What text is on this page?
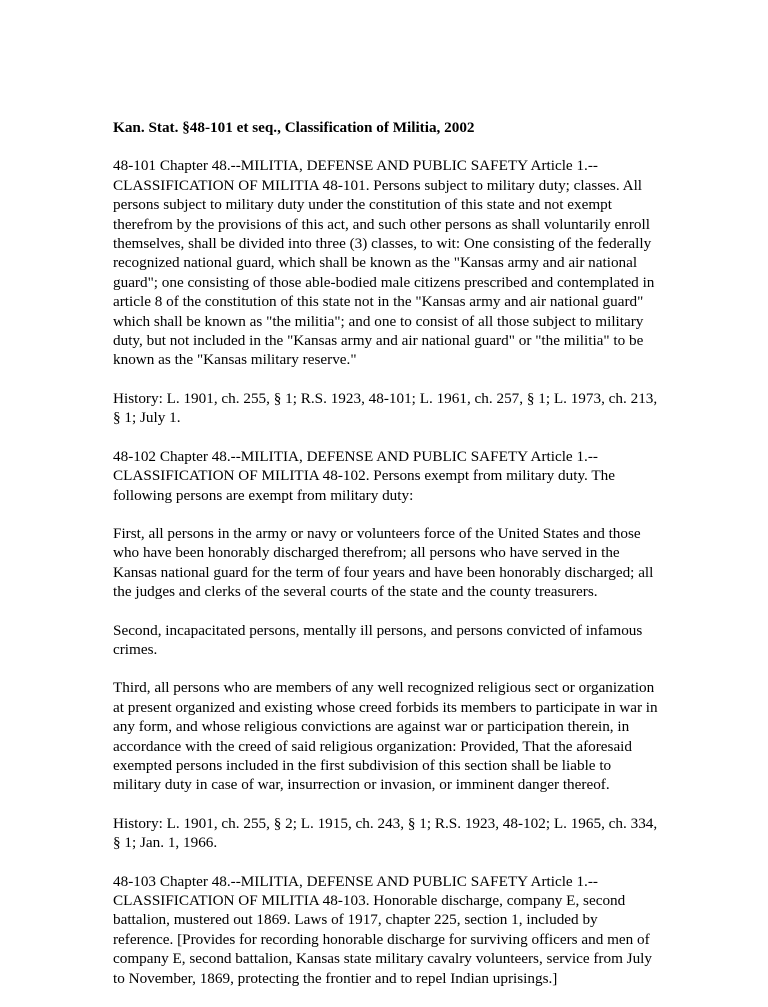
Kan. Stat. §48-101 et seq., Classification of Militia, 2002

48-101 Chapter 48.--MILITIA, DEFENSE AND PUBLIC SAFETY Article 1.--CLASSIFICATION OF MILITIA 48-101. Persons subject to military duty; classes. All persons subject to military duty under the constitution of this state and not exempt therefrom by the provisions of this act, and such other persons as shall voluntarily enroll themselves, shall be divided into three (3) classes, to wit: One consisting of the federally recognized national guard, which shall be known as the "Kansas army and air national guard"; one consisting of those able-bodied male citizens prescribed and contemplated in article 8 of the constitution of this state not in the "Kansas army and air national guard" which shall be known as "the militia"; and one to consist of all those subject to military duty, but not included in the "Kansas army and air national guard" or "the militia" to be known as the "Kansas military reserve."

History: L. 1901, ch. 255, § 1; R.S. 1923, 48-101; L. 1961, ch. 257, § 1; L. 1973, ch. 213, § 1; July 1.

48-102 Chapter 48.--MILITIA, DEFENSE AND PUBLIC SAFETY Article 1.--CLASSIFICATION OF MILITIA 48-102. Persons exempt from military duty. The following persons are exempt from military duty:

First, all persons in the army or navy or volunteers force of the United States and those who have been honorably discharged therefrom; all persons who have served in the Kansas national guard for the term of four years and have been honorably discharged; all the judges and clerks of the several courts of the state and the county treasurers.

Second, incapacitated persons, mentally ill persons, and persons convicted of infamous crimes.

Third, all persons who are members of any well recognized religious sect or organization at present organized and existing whose creed forbids its members to participate in war in any form, and whose religious convictions are against war or participation therein, in accordance with the creed of said religious organization: Provided, That the aforesaid exempted persons included in the first subdivision of this section shall be liable to military duty in case of war, insurrection or invasion, or imminent danger thereof.

History: L. 1901, ch. 255, § 2; L. 1915, ch. 243, § 1; R.S. 1923, 48-102; L. 1965, ch. 334, § 1; Jan. 1, 1966.

48-103 Chapter 48.--MILITIA, DEFENSE AND PUBLIC SAFETY Article 1.--CLASSIFICATION OF MILITIA 48-103. Honorable discharge, company E, second battalion, mustered out 1869. Laws of 1917, chapter 225, section 1, included by reference. [Provides for recording honorable discharge for surviving officers and men of company E, second battalion, Kansas state military cavalry volunteers, service from July to November, 1869, protecting the frontier and to repel Indian uprisings.]
